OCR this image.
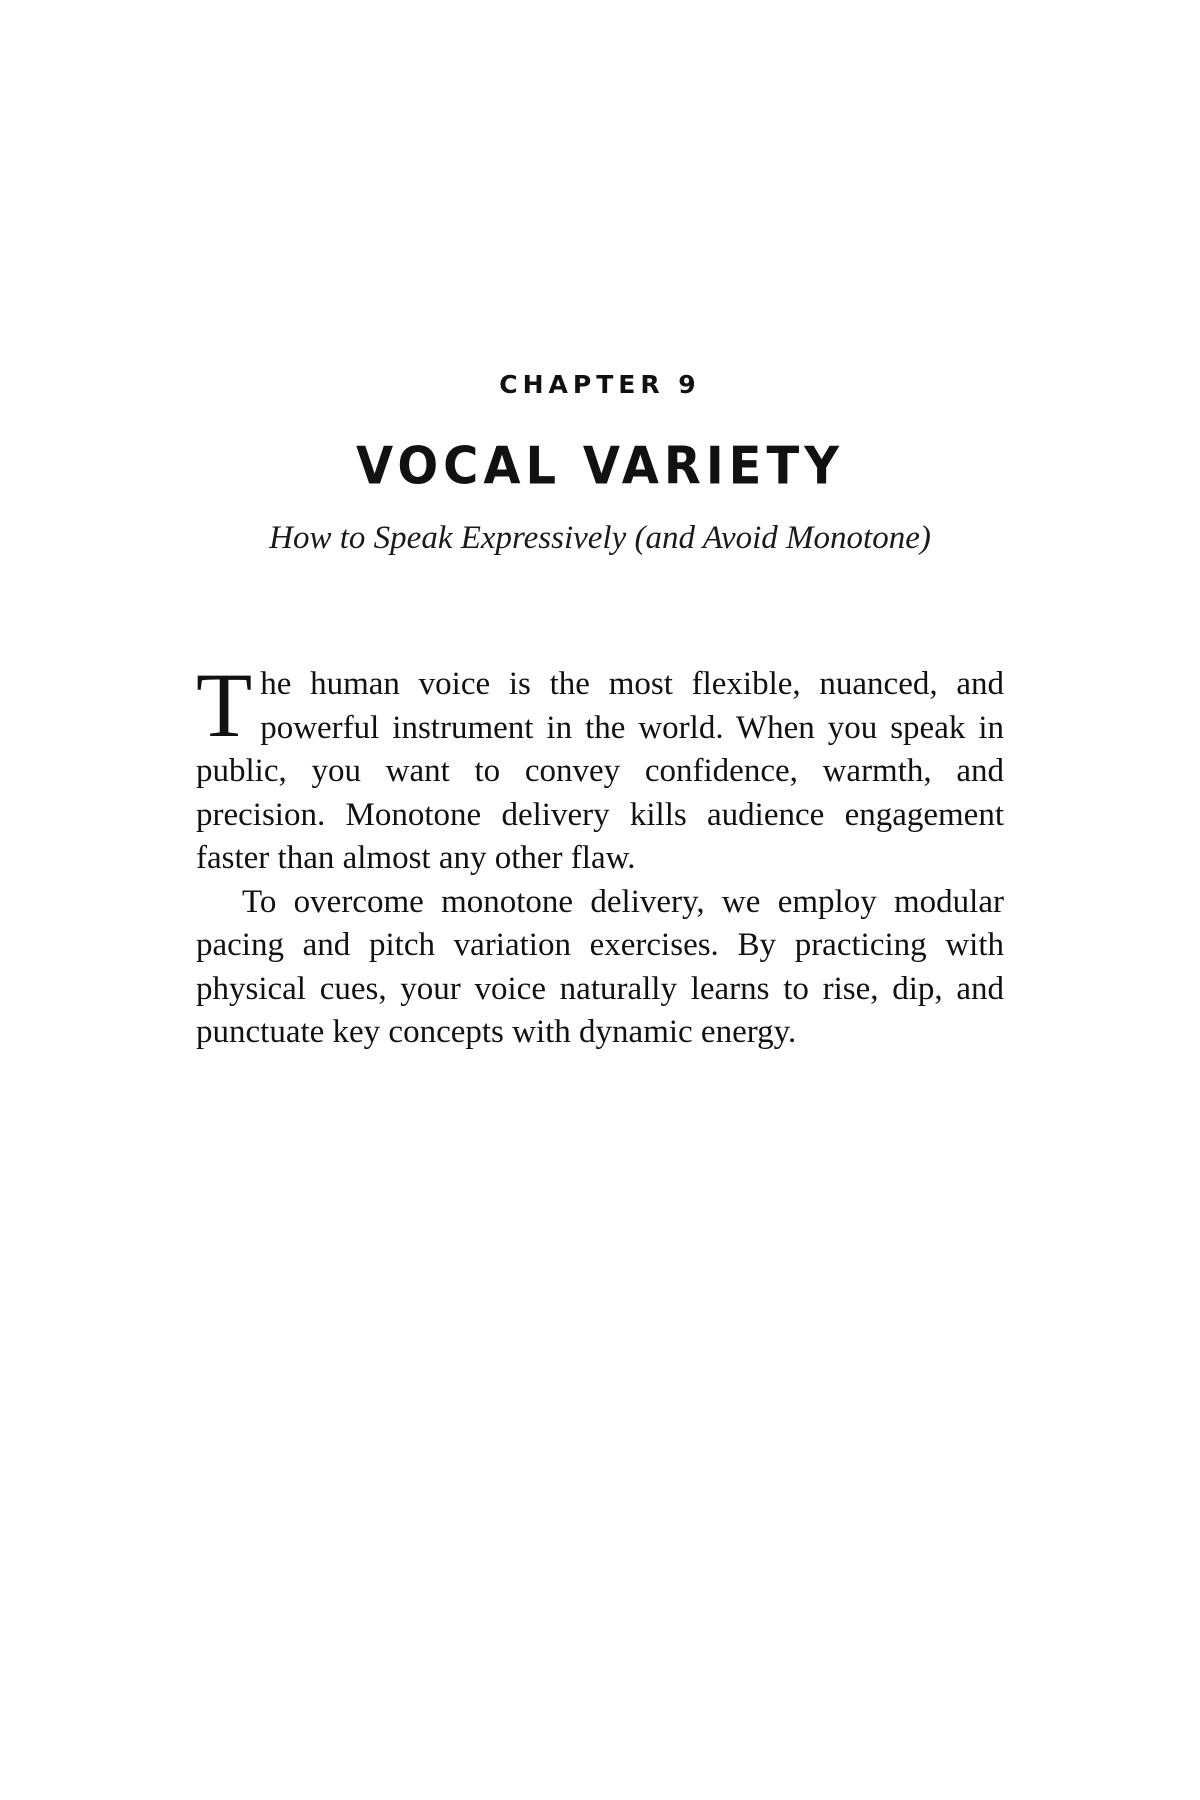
CHAPTER 9
VOCAL VARIETY
How to Speak Expressively (and Avoid Monotone)

The human voice is the most flexible, nuanced, and powerful instrument in the world. When you speak in public, you want to convey confidence, warmth, and precision. Monotone delivery kills audience engagement faster than almost any other flaw.

To overcome monotone delivery, we employ modular pacing and pitch variation exercises. By practicing with physical cues, your voice naturally learns to rise, dip, and punctuate key concepts with dynamic energy.
